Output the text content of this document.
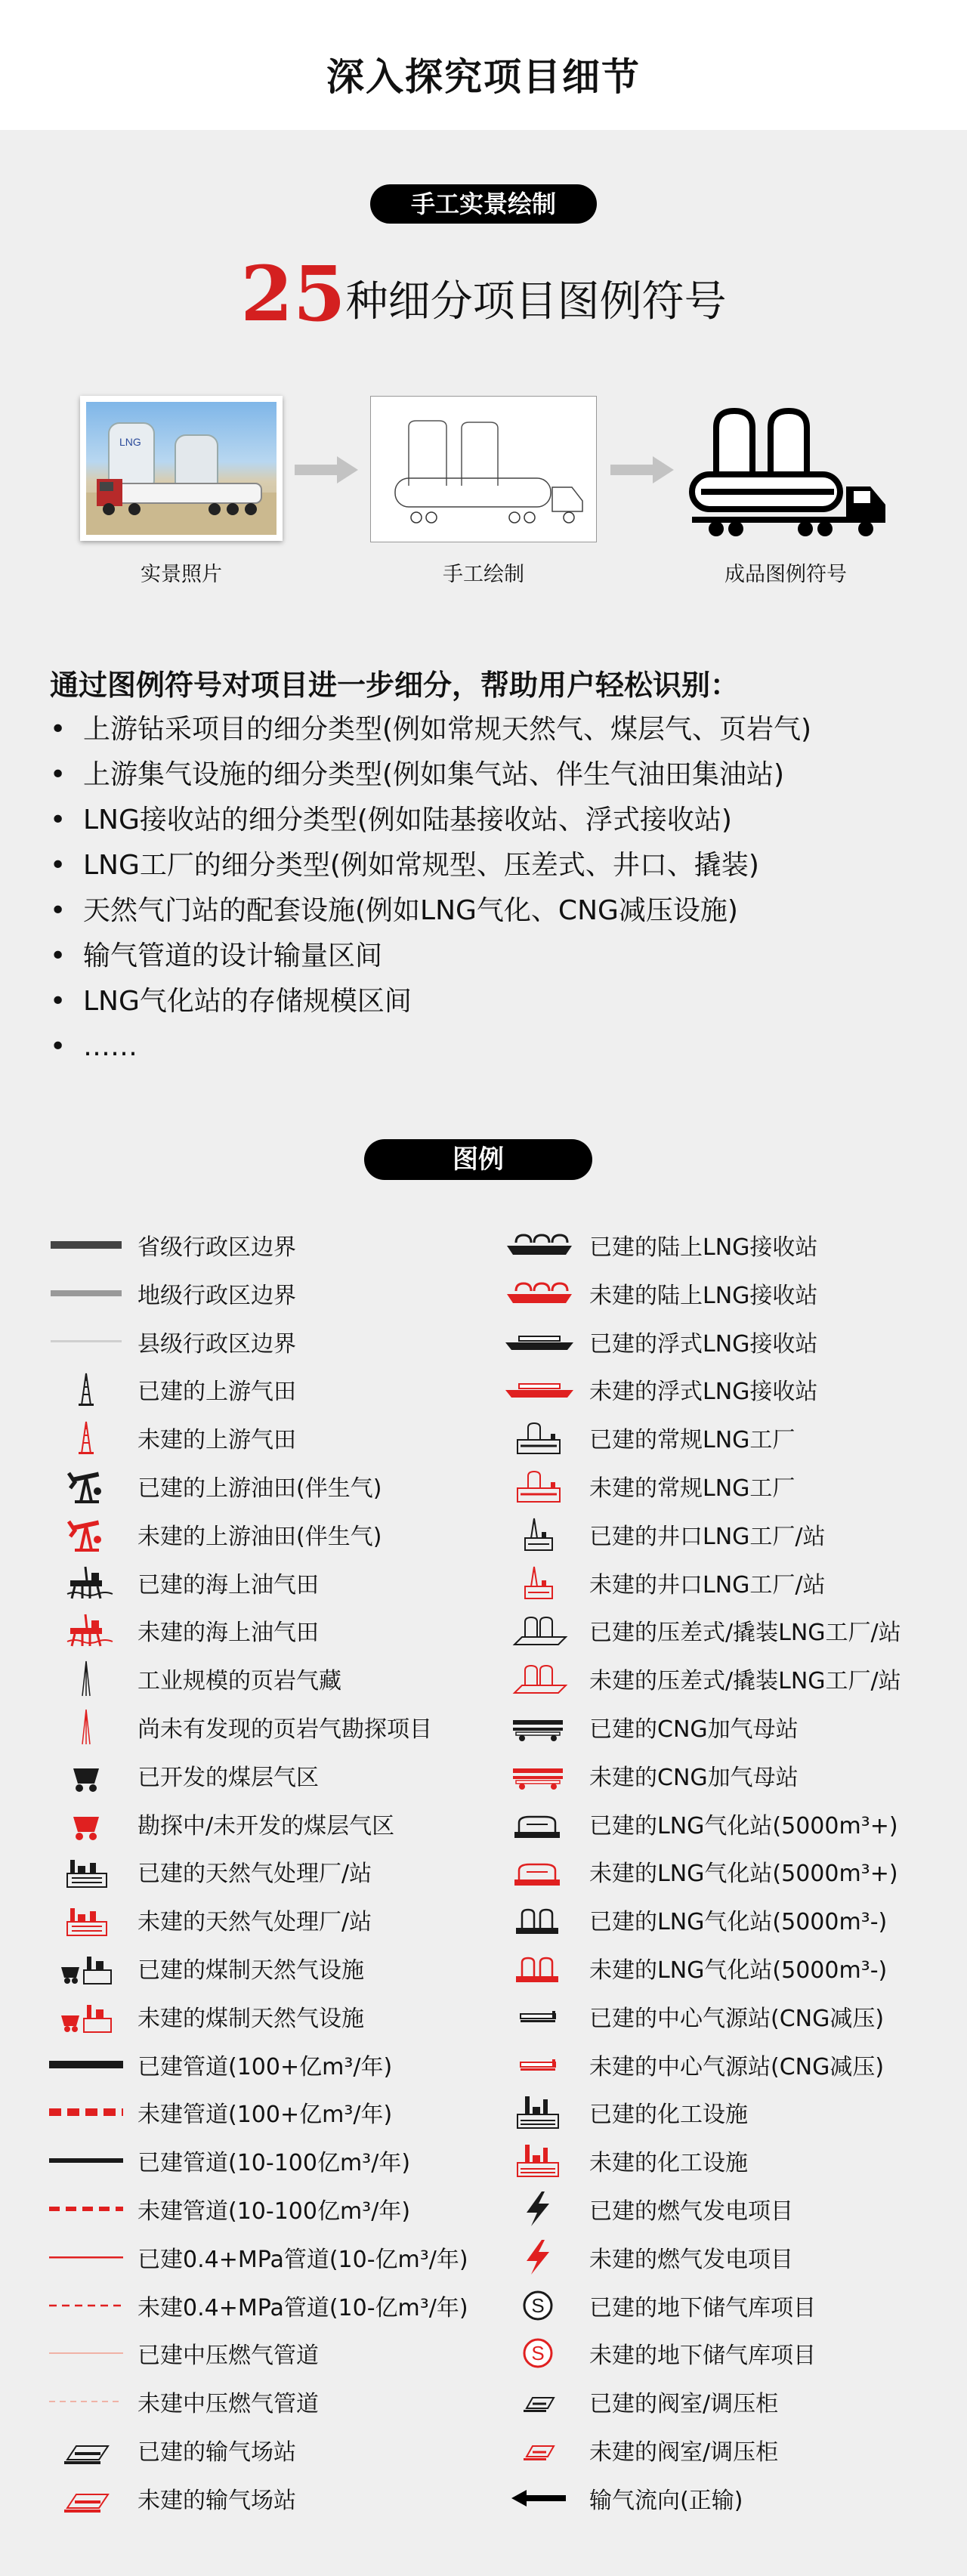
深入探究项目细节
手工实景绘制
25种细分项目图例符号
LNG
实景照片	手工绘制	成品图例符号
通过图例符号对项目进一步细分，帮助用户轻松识别：
• 上游钻采项目的细分类型(例如常规天然气、煤层气、页岩气)
• 上游集气设施的细分类型(例如集气站、伴生气油田集油站)
• LNG接收站的细分类型(例如陆基接收站、浮式接收站)
• LNG工厂的细分类型(例如常规型、压差式、井口、撬装)
• 天然气门站的配套设施(例如LNG气化、CNG减压设施)
• 输气管道的设计输量区间
• LNG气化站的存储规模区间
• ……
图例
省级行政区边界
地级行政区边界
县级行政区边界
已建的上游气田
未建的上游气田
已建的上游油田(伴生气)
未建的上游油田(伴生气)
已建的海上油气田
未建的海上油气田
工业规模的页岩气藏
尚未有发现的页岩气勘探项目
已开发的煤层气区
勘探中/未开发的煤层气区
已建的天然气处理厂/站
未建的天然气处理厂/站
已建的煤制天然气设施
未建的煤制天然气设施
已建管道(100+亿m³/年)
未建管道(100+亿m³/年)
已建管道(10-100亿m³/年)
未建管道(10-100亿m³/年)
已建0.4+MPa管道(10-亿m³/年)
未建0.4+MPa管道(10-亿m³/年)
已建中压燃气管道
未建中压燃气管道
已建的输气场站
未建的输气场站
已建的陆上LNG接收站
未建的陆上LNG接收站
已建的浮式LNG接收站
未建的浮式LNG接收站
已建的常规LNG工厂
未建的常规LNG工厂
已建的井口LNG工厂/站
未建的井口LNG工厂/站
已建的压差式/撬装LNG工厂/站
未建的压差式/撬装LNG工厂/站
已建的CNG加气母站
未建的CNG加气母站
已建的LNG气化站(5000m³+)
未建的LNG气化站(5000m³+)
已建的LNG气化站(5000m³-)
未建的LNG气化站(5000m³-)
已建的中心气源站(CNG减压)
未建的中心气源站(CNG减压)
已建的化工设施
未建的化工设施
已建的燃气发电项目
未建的燃气发电项目
S 已建的地下储气库项目
S 未建的地下储气库项目
已建的阀室/调压柜
未建的阀室/调压柜
输气流向(正输)
